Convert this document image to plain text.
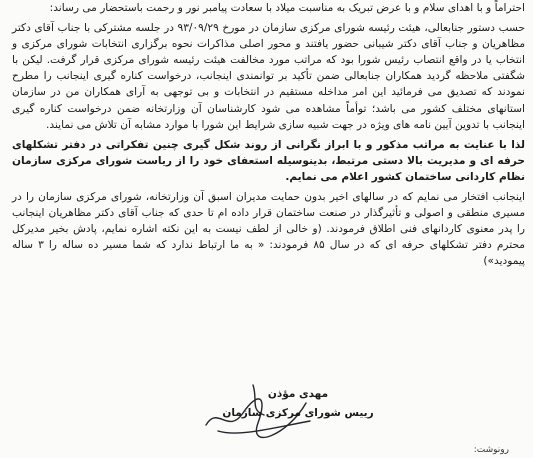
احتراماً و با اهدای سلام و با عرض تبریک به مناسبت میلاد با سعادت پیامبر نور و رحمت باستحضار می رساند:

حسب دستور جنابعالی، هیئت رئیسه شورای مرکزی سازمان در مورخ ۹۳/۰۹/۲۹ در جلسه مشترکی با جناب آقای دکتر مظاهریان و جناب آقای دکتر شیبانی حضور یافتند و محور اصلی مذاکرات نحوه برگزاری انتخابات شورای مرکزی و انتخاب یا در واقع انتصاب رئیس شورا بود که مراتب مورد مخالفت هیئت رئیسه شورای مرکزی قرار گرفت. لیکن با شگفتی ملاحظه گردید همکاران جنابعالی ضمن تأکید بر توانمندی اینجانب، درخواست کناره گیری اینجانب را مطرح نمودند که تصدیق می فرمائید این امر مداخله مستقیم در انتخابات و بی توجهی به آرای همکاران من در سازمان استانهای مختلف کشور می باشد؛ توأماً مشاهده می شود کارشناسان آن وزارتخانه ضمن درخواست کناره گیری اینجانب با تدوین آیین نامه های ویژه در جهت شبیه سازی شرایط این شورا با موارد مشابه آن تلاش می نمایند.

لذا با عنایت به مراتب مذکور و با ابراز نگرانی از روند شکل گیری چنین تفکراتی در دفتر تشکلهای حرفه ای و مدیریت بالا دستی مرتبط، بدینوسیله استعفای خود را از ریاست شورای مرکزی سازمان نظام کاردانی ساختمان کشور اعلام می نمایم.

اینجانب افتخار می نمایم که در سالهای اخیر بدون حمایت مدیران اسبق آن وزارتخانه، شورای مرکزی سازمان را در مسیری منطقی و اصولی و تأثیرگذار در صنعت ساختمان قرار داده ام تا حدی که جناب آقای دکتر مظاهریان اینجانب را پدر معنوی کاردانهای فنی اطلاق فرمودند. (و خالی از لطف نیست به این نکته اشاره نمایم، پادش بخیر مدیرکل محترم دفتر تشکلهای حرفه ای که در سال ۸۵ فرمودند: « به ما ارتباط ندارد که شما مسیر ده ساله را ۳ ساله پیمودید»)

مهدی مؤذن
رییس شورای مرکزی سازمان
رونوشت:
